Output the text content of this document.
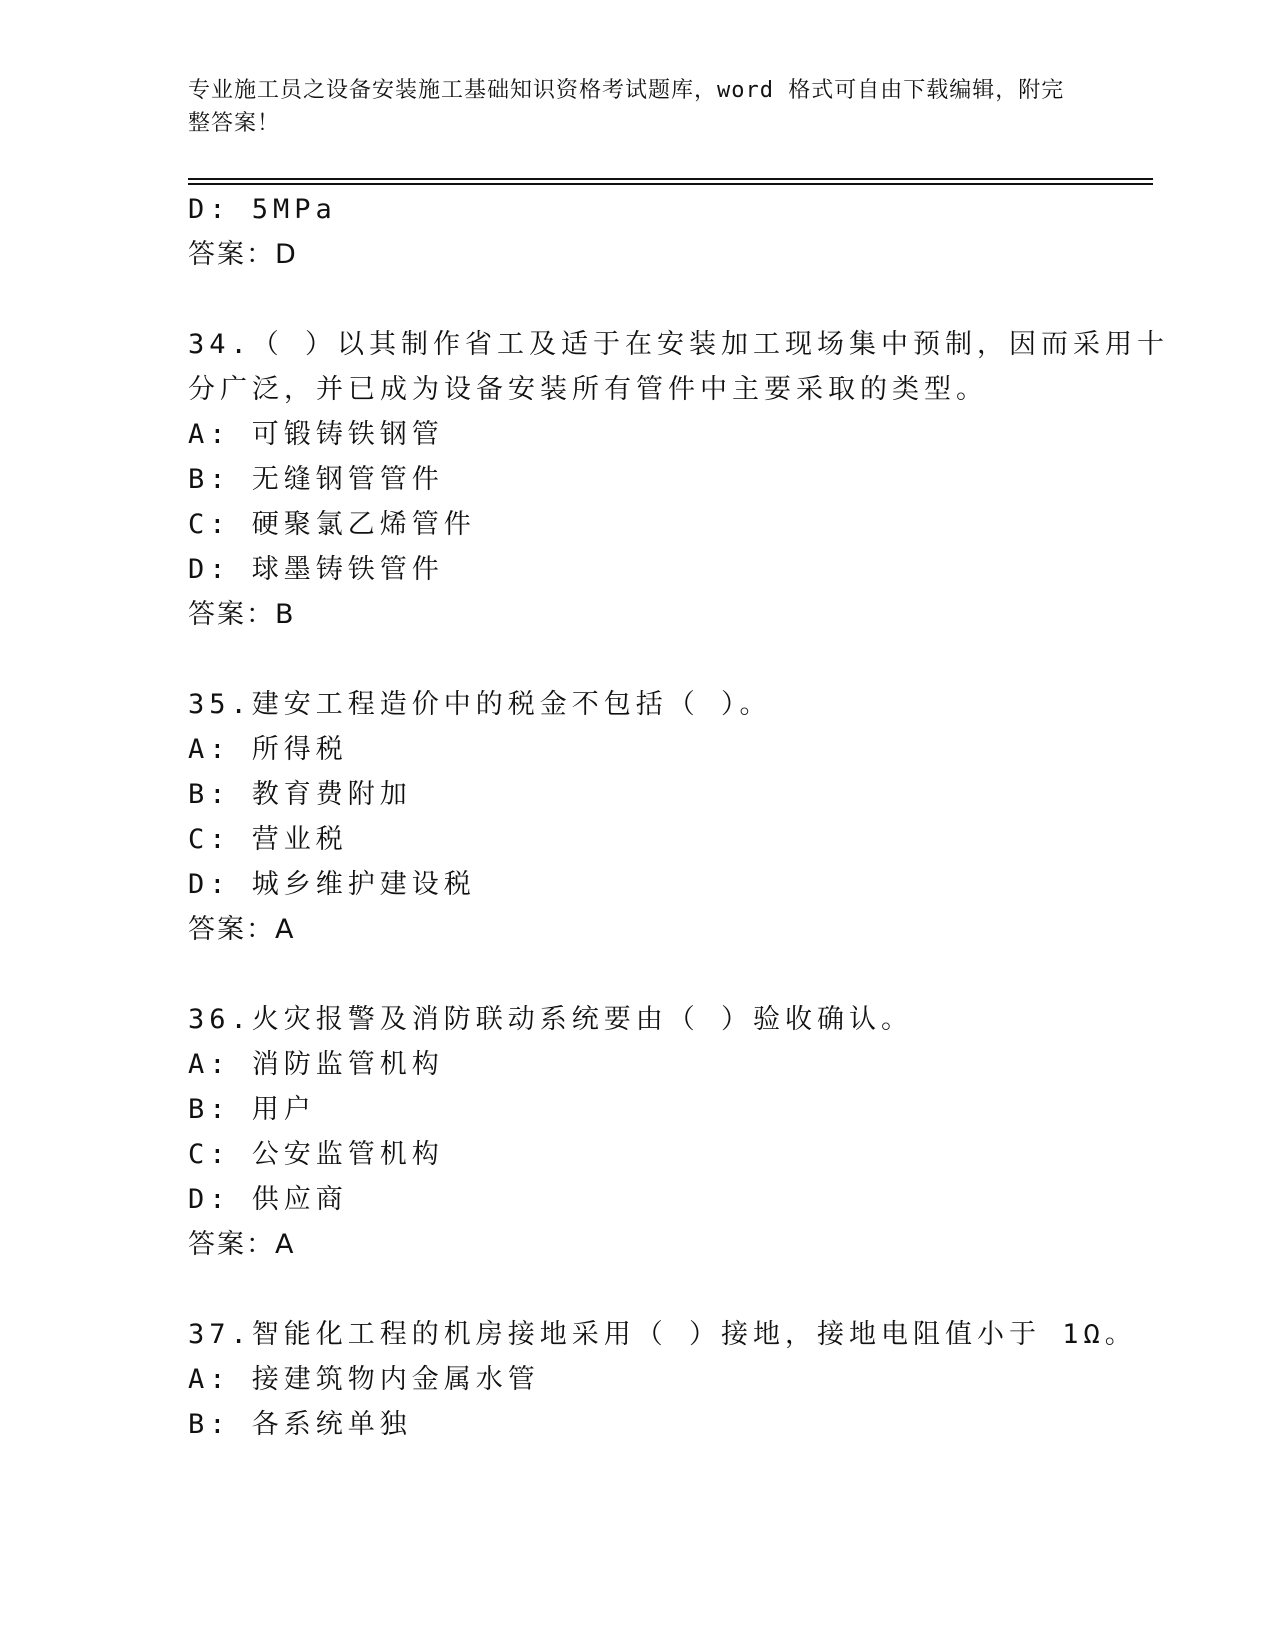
专业施工员之设备安装施工基础知识资格考试题库，word 格式可自由下载编辑，附完整答案！
D: 5MPa
答案：D
34.（ ）以其制作省工及适于在安装加工现场集中预制，因而采用十
分广泛，并已成为设备安装所有管件中主要采取的类型。
A: 可锻铸铁钢管
B: 无缝钢管管件
C: 硬聚氯乙烯管件
D: 球墨铸铁管件
答案：B
35.建安工程造价中的税金不包括（ ）。
A: 所得税
B: 教育费附加
C: 营业税
D: 城乡维护建设税
答案：A
36.火灾报警及消防联动系统要由（ ）验收确认。
A: 消防监管机构
B: 用户
C: 公安监管机构
D: 供应商
答案：A
37.智能化工程的机房接地采用（ ）接地，接地电阻值小于 1Ω。
A: 接建筑物内金属水管
B: 各系统单独
